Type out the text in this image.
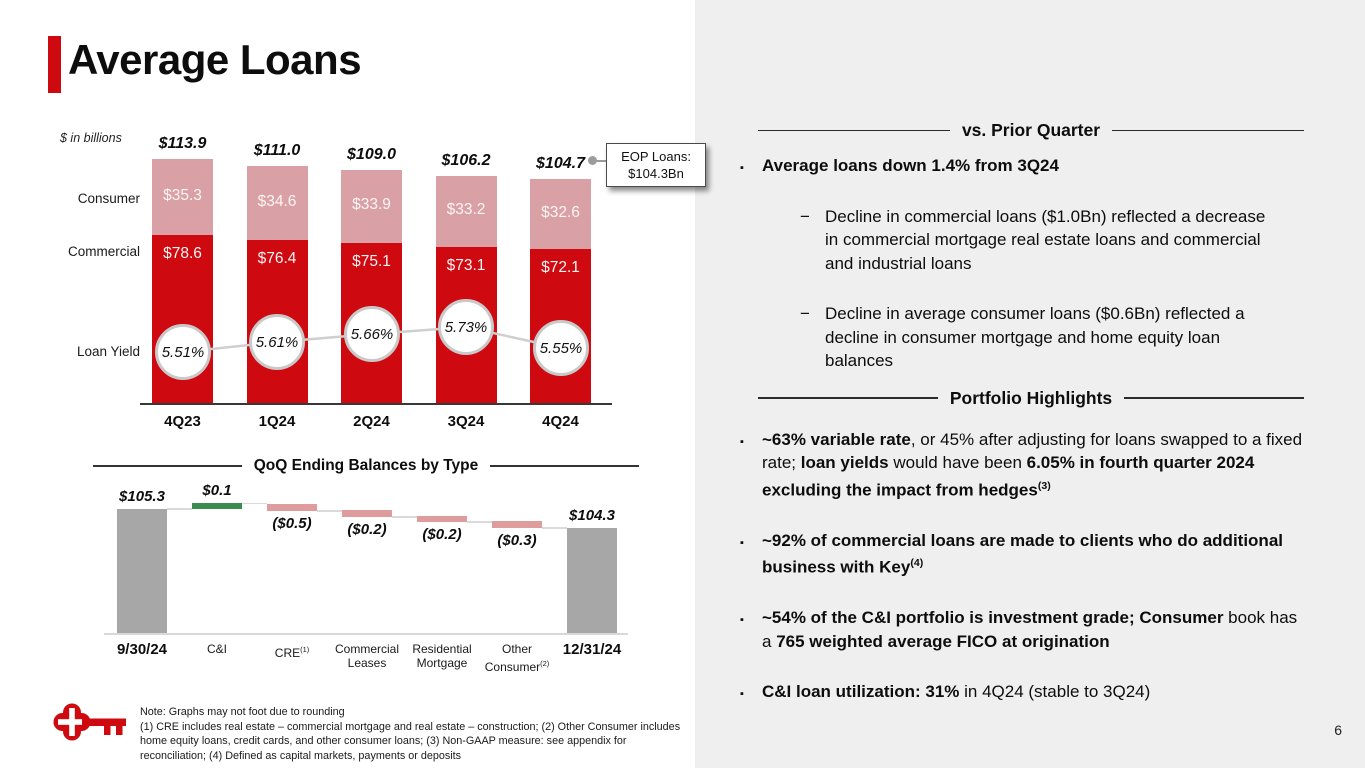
Average Loans
$ in billions
$35.3
$78.6
$113.9
4Q23
$34.6
$76.4
$111.0
1Q24
$33.9
$75.1
$109.0
2Q24
$33.2
$73.1
$106.2
3Q24
$32.6
$72.1
$104.7
4Q24
Consumer
Commercial
Loan Yield	5.51%
5.61%	5.66%	5.73%
5.55%
$105.3
9/30/24
$0.1
C&I
($0.5)
CRE$^{(1)}$
($0.2)
Commercial
Leases
($0.2)
Residential
Mortgage
($0.3)
Other
Consumer$^{(2)}$
$104.3
12/31/24
EOP Loans:
$104.3Bn
QoQ Ending Balances by Type
vs. Prior Quarter
▪ Average loans down 1.4% from 3Q24
− Decline in commercial loans ($1.0Bn) reflected a decrease in commercial mortgage real estate loans and commercial and industrial loans
− Decline in average consumer loans ($0.6Bn) reflected a decline in consumer mortgage and home equity loan balances
Portfolio Highlights
▪ ~63% variable rate, or 45% after adjusting for loans swapped to a fixed rate; loan yields would have been 6.05% in fourth quarter 2024 excluding the impact from hedges$^{(3)}$
▪ ~92% of commercial loans are made to clients who do additional business with Key$^{(4)}$
▪ ~54% of the C&I portfolio is investment grade; Consumer book has a 765 weighted average FICO at origination
▪ C&I loan utilization: 31% in 4Q24 (stable to 3Q24)
Note: Graphs may not foot due to rounding
(1) CRE includes real estate – commercial mortgage and real estate – construction; (2) Other Consumer includes home equity loans, credit cards, and other consumer loans; (3) Non-GAAP measure: see appendix for reconciliation; (4) Defined as capital markets, payments or deposits
6
